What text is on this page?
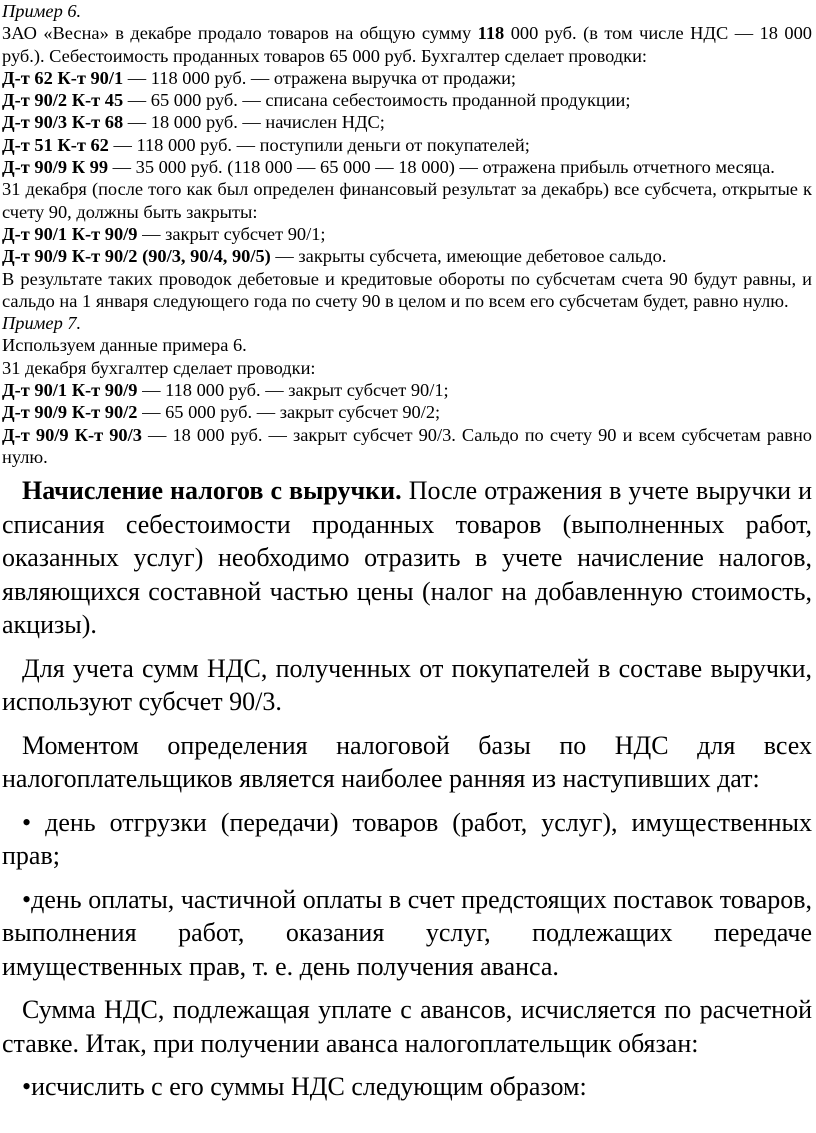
Пример 6.

ЗАО «Весна» в декабре продало товаров на общую сумму 118 000 руб. (в том числе НДС — 18 000 руб.). Себестоимость проданных товаров 65 000 руб. Бухгалтер сделает проводки:

Д-т 62 К-т 90/1 — 118 000 руб. — отражена выручка от продажи;

Д-т 90/2 К-т 45 — 65 000 руб. — списана себестоимость проданной продукции;

Д-т 90/3 К-т 68 — 18 000 руб. — начислен НДС;

Д-т 51 К-т 62 — 118 000 руб. — поступили деньги от покупателей;

Д-т 90/9 К 99 — 35 000 руб. (118 000 — 65 000 — 18 000) — отражена прибыль отчетного месяца.

31 декабря (после того как был определен финансовый результат за декабрь) все субсчета, открытые к счету 90, должны быть закрыты:

Д-т 90/1 К-т 90/9 — закрыт субсчет 90/1;

Д-т 90/9 К-т 90/2 (90/3, 90/4, 90/5) — закрыты субсчета, имеющие дебетовое сальдо.

В результате таких проводок дебетовые и кредитовые обороты по субсчетам счета 90 будут равны, и сальдо на 1 января следующего года по счету 90 в целом и по всем его субсчетам будет, равно нулю.

Пример 7.

Используем данные примера 6.

31 декабря бухгалтер сделает проводки:

Д-т 90/1 К-т 90/9 — 118 000 руб. — закрыт субсчет 90/1;

Д-т 90/9 К-т 90/2 — 65 000 руб. — закрыт субсчет 90/2;

Д-т 90/9 К-т 90/3 — 18 000 руб. — закрыт субсчет 90/3. Сальдо по счету 90 и всем субсчетам равно нулю.

Начисление налогов с выручки. После отражения в учете выручки и списания себестоимости проданных товаров (выполненных работ, оказанных услуг) необходимо отразить в учете начисление налогов, являющихся составной частью цены (налог на добавленную стоимость, акцизы).

Для учета сумм НДС, полученных от покупателей в составе выручки, используют субсчет 90/3.

Моментом определения налоговой базы по НДС для всех налогоплательщиков является наиболее ранняя из наступивших дат:

• день отгрузки (передачи) товаров (работ, услуг), имущественных прав;

•день оплаты, частичной оплаты в счет предстоящих поставок товаров, выполнения работ, оказания услуг, подлежащих передаче имущественных прав, т. е. день получения аванса.

Сумма НДС, подлежащая уплате с авансов, исчисляется по расчетной ставке. Итак, при получении аванса налогоплательщик обязан:

•исчислить с его суммы НДС следующим образом:
